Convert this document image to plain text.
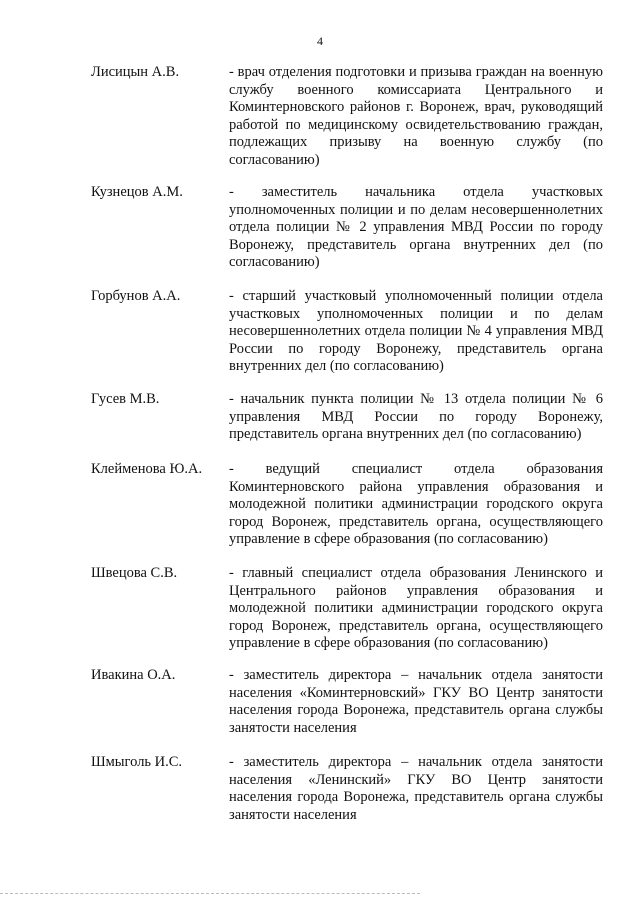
4
Лисицын А.В.	- врач отделения подготовки и призыва граждан на военную службу военного комиссариата Центрального и Коминтерновского районов г. Воронеж, врач, руководящий работой по медицинскому освидетельствованию граждан, подлежащих призыву на военную службу (по согласованию)
Кузнецов А.М.	- заместитель начальника отдела участковых уполномоченных полиции и по делам несовершеннолетних отдела полиции № 2 управления МВД России по городу Воронежу, представитель органа внутренних дел (по согласованию)
Горбунов А.А.	- старший участковый уполномоченный полиции отдела участковых уполномоченных полиции и по делам несовершеннолетних отдела полиции № 4 управления МВД России по городу Воронежу, представитель органа внутренних дел (по согласованию)
Гусев М.В.	- начальник пункта полиции № 13 отдела полиции № 6 управления МВД России по городу Воронежу, представитель органа внутренних дел (по согласованию)
Клейменова Ю.А. - ведущий специалист отдела образования Коминтерновского района управления образования и молодежной политики администрации городского округа город Воронеж, представитель органа, осуществляющего управление в сфере образования (по согласованию)
Швецова С.В.	- главный специалист отдела образования Ленинского и Центрального районов управления образования и молодежной политики администрации городского округа город Воронеж, представитель органа, осуществляющего управление в сфере образования (по согласованию)
Ивакина О.А.	- заместитель директора – начальник отдела занятости населения «Коминтерновский» ГКУ ВО Центр занятости населения города Воронежа, представитель органа службы занятости населения
Шмыголь И.С.	- заместитель директора – начальник отдела занятости населения «Ленинский» ГКУ ВО Центр занятости населения города Воронежа, представитель органа службы занятости населения
